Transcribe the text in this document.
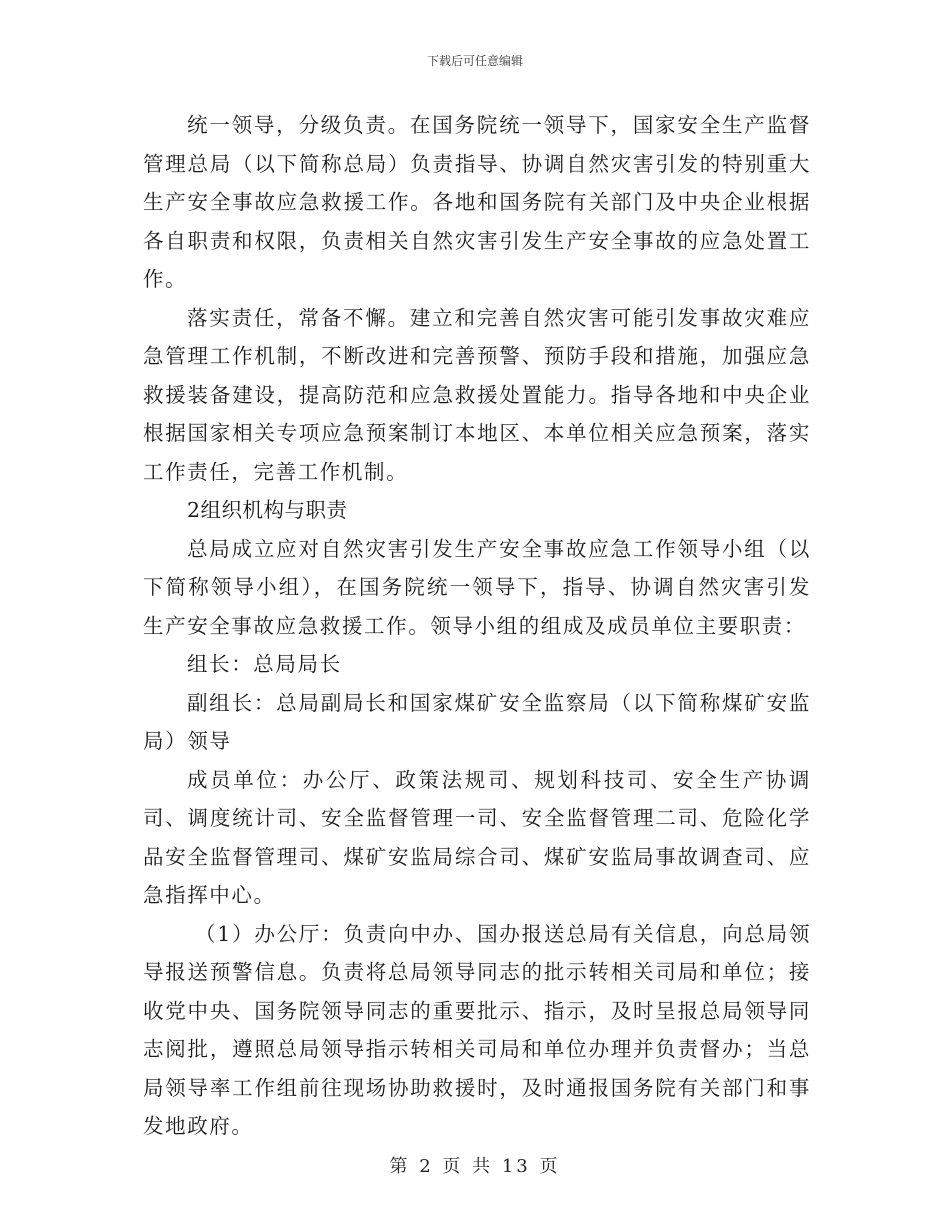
下载后可任意编辑

统一领导，分级负责。在国务院统一领导下，国家安全生产监督管理总局（以下简称总局）负责指导、协调自然灾害引发的特别重大生产安全事故应急救援工作。各地和国务院有关部门及中央企业根据各自职责和权限，负责相关自然灾害引发生产安全事故的应急处置工作。

落实责任，常备不懈。建立和完善自然灾害可能引发事故灾难应急管理工作机制，不断改进和完善预警、预防手段和措施，加强应急救援装备建设，提高防范和应急救援处置能力。指导各地和中央企业根据国家相关专项应急预案制订本地区、本单位相关应急预案，落实工作责任，完善工作机制。

2组织机构与职责

总局成立应对自然灾害引发生产安全事故应急工作领导小组（以下简称领导小组），在国务院统一领导下，指导、协调自然灾害引发生产安全事故应急救援工作。领导小组的组成及成员单位主要职责：

组长：总局局长

副组长：总局副局长和国家煤矿安全监察局（以下简称煤矿安监局）领导

成员单位：办公厅、政策法规司、规划科技司、安全生产协调司、调度统计司、安全监督管理一司、安全监督管理二司、危险化学品安全监督管理司、煤矿安监局综合司、煤矿安监局事故调查司、应急指挥中心。

（1）办公厅：负责向中办、国办报送总局有关信息，向总局领导报送预警信息。负责将总局领导同志的批示转相关司局和单位；接收党中央、国务院领导同志的重要批示、指示，及时呈报总局领导同志阅批，遵照总局领导指示转相关司局和单位办理并负责督办；当总局领导率工作组前往现场协助救援时，及时通报国务院有关部门和事发地政府。

第 2 页 共 13 页
